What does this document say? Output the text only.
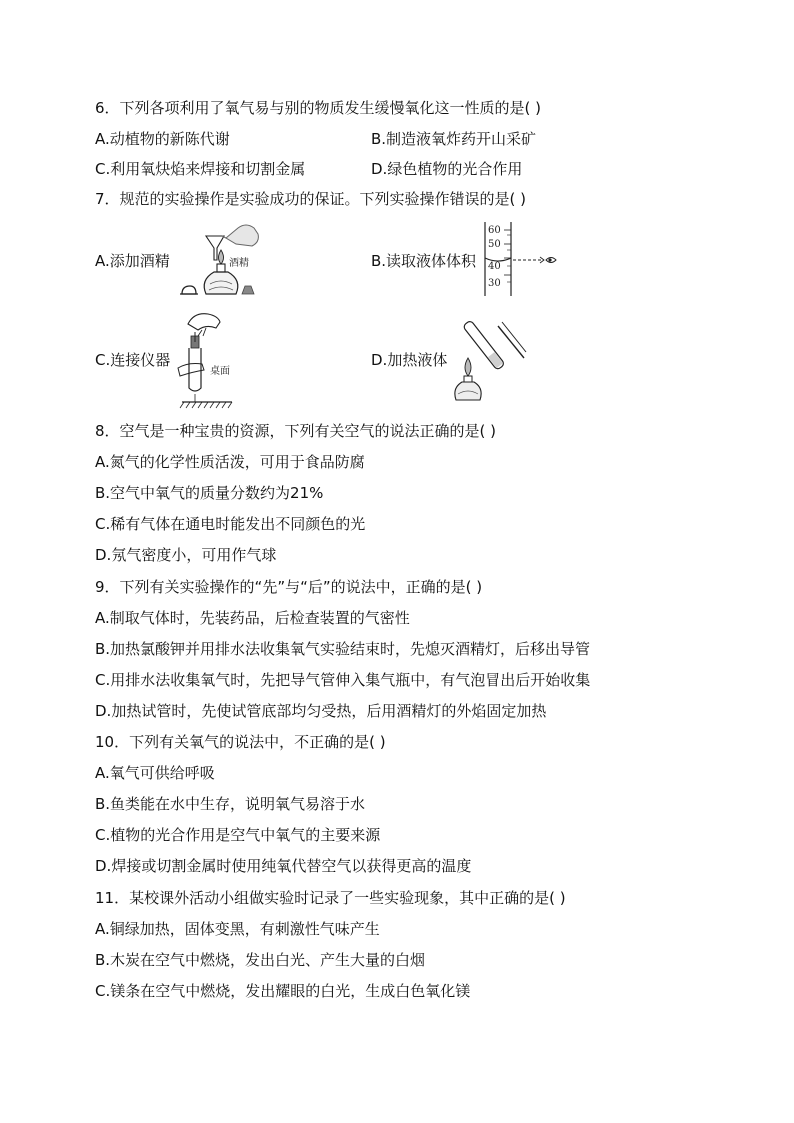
6．下列各项利用了氧气易与别的物质发生缓慢氧化这一性质的是( )
A.动植物的新陈代谢	B.制造液氧炸药开山采矿
C.利用氧炔焰来焊接和切割金属	D.绿色植物的光合作用
7．规范的实验操作是实验成功的保证。下列实验操作错误的是( )
A.添加酒精	酒精	B.读取液体体积
60
50
40
30
C.连接仪器
桌面
D.加热液体
8．空气是一种宝贵的资源，下列有关空气的说法正确的是( )
A.氮气的化学性质活泼，可用于食品防腐
B.空气中氧气的质量分数约为21%
C.稀有气体在通电时能发出不同颜色的光
D.氖气密度小，可用作气球
9．下列有关实验操作的“先”与“后”的说法中，正确的是( )
A.制取气体时，先装药品，后检查装置的气密性
B.加热氯酸钾并用排水法收集氧气实验结束时，先熄灭酒精灯，后移出导管
C.用排水法收集氧气时，先把导气管伸入集气瓶中，有气泡冒出后开始收集
D.加热试管时，先使试管底部均匀受热，后用酒精灯的外焰固定加热
10．下列有关氧气的说法中，不正确的是( )
A.氧气可供给呼吸
B.鱼类能在水中生存，说明氧气易溶于水
C.植物的光合作用是空气中氧气的主要来源
D.焊接或切割金属时使用纯氧代替空气以获得更高的温度
11．某校课外活动小组做实验时记录了一些实验现象，其中正确的是( )
A.铜绿加热，固体变黑，有刺激性气味产生
B.木炭在空气中燃烧，发出白光、产生大量的白烟
C.镁条在空气中燃烧，发出耀眼的白光，生成白色氧化镁
